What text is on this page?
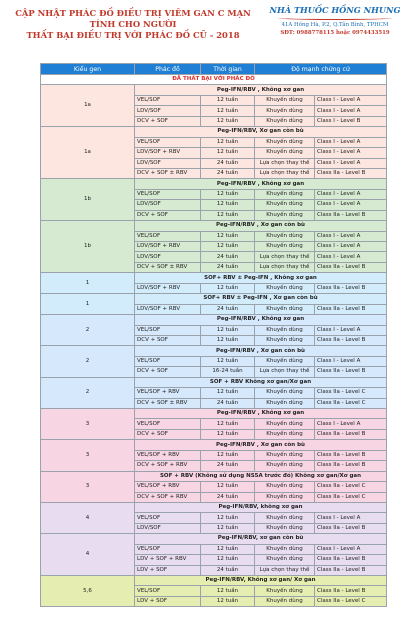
CẬP NHẬT PHÁC ĐỒ ĐIỀU TRỊ VIÊM GAN C MẠN TÍNH CHO NGƯỜI
THẤT BẠI ĐIỀU TRỊ VỚI PHÁC ĐỒ CŨ - 2018
NHÀ THUỐC HỒNG NHUNG
41A Hồng Hà, P.2, Q.Tân Bình, TPHCM
SĐT: 0988778115 hoặc 0974433519
Kiểu gen	Phác đồ	Thời gian	Độ mạnh chứng cứ	
ĐÃ THẤT BẠI VỚI PHÁC ĐỒ				
1a	Peg-IFN/RBV , Không xơ gan			
	VEL/SOF	12 tuần	Khuyến dùng	Class I - Level A
	LDV/SOF	12 tuần	Khuyến dùng	Class I - Level A
	DCV + SOF	12 tuần	Khuyến dùng	Class I - Level B
1a	Peg-IFN/RBV, Xơ gan còn bù			
	VEL/SOF	12 tuần	Khuyến dùng	Class I - Level A
	LDV/SOF + RBV	12 tuần	Khuyến dùng	Class I - Level A
	LDV/SOF	24 tuần	Lựa chọn thay thế	Class I - Level A
	DCV + SOF ± RBV	24 tuần	Lựa chọn thay thế	Class IIa - Level B
1b	Peg-IFN/RBV , Không xơ gan			
	VEL/SOF	12 tuần	Khuyến dùng	Class I - Level A
	LDV/SOF	12 tuần	Khuyến dùng	Class I - Level A
	DCV + SOF	12 tuần	Khuyến dùng	Class IIa - Level B
1b	Peg-IFN/RBV , Xơ gan còn bù			
	VEL/SOF	12 tuần	Khuyến dùng	Class I - Level A
	LDV/SOF + RBV	12 tuần	Khuyến dùng	Class I - Level A
	LDV/SOF	24 tuần	Lựa chọn thay thế	Class I - Level A
	DCV + SOF ± RBV	24 tuần	Lựa chọn thay thế	Class IIa - Level B
1	SOF+ RBV ± Peg-IFN , Không xơ gan			
	LDV/SOF + RBV	12 tuần	Khuyến dùng	Class IIa - Level B
1	SOF+ RBV ± Peg-IFN , Xơ gan còn bù			
	LDV/SOF + RBV	24 tuần	Khuyến dùng	Class IIa - Level B
2	Peg-IFN/RBV , Không xơ gan			
	VEL/SOF	12 tuần	Khuyến dùng	Class I - Level A
	DCV + SOF	12 tuần	Khuyến dùng	Class IIa - Level B
2	Peg-IFN/RBV , Xơ gan còn bù			
	VEL/SOF	12 tuần	Khuyến dùng	Class I - Level A
	DCV + SOF	16-24 tuần	Lựa chọn thay thế	Class IIa - Level B
2	SOF + RBV Không xơ gan/Xơ gan			
	VEL/SOF + RBV	12 tuần	Khuyến dùng	Class IIa - Level C
	DCV + SOF ± RBV	24 tuần	Khuyến dùng	Class IIa - Level C
3	Peg-IFN/RBV , Không xơ gan			
	VEL/SOF	12 tuần	Khuyến dùng	Class I - Level A
	DCV + SOF	12 tuần	Khuyến dùng	Class IIa - Level B
3	Peg-IFN/RBV , Xơ gan còn bù			
	VEL/SOF + RBV	12 tuần	Khuyến dùng	Class IIa - Level B
	DCV + SOF + RBV	24 tuần	Khuyến dùng	Class IIa - Level B
3	SOF + RBV (Không sử dụng NS5A trước đó) Không xơ gan/Xơ gan			
	VEL/SOF + RBV	12 tuần	Khuyến dùng	Class IIa - Level C
	DCV + SOF + RBV	24 tuần	Khuyến dùng	Class IIa - Level C
4	Peg-IFN/RBV, không xơ gan			
	VEL/SOF	12 tuần	Khuyến dùng	Class I - Level A
	LDV/SOF	12 tuần	Khuyến dùng	Class IIa - Level B
4	Peg-IFN/RBV, xơ gan còn bù			
	VEL/SOF	12 tuần	Khuyến dùng	Class I - Level A
	LDV + SOF + RBV	12 tuần	Khuyến dùng	Class IIa - Level B
	LDV + SOF	24 tuần	Lựa chọn thay thế	Class IIa - Level B
5,6	Peg-IFN/RBV, Không xơ gan/ Xơ gan			
	VEL/SOF	12 tuần	Khuyến dùng	Class IIa - Level B
	LDV + SOF	12 tuần	Khuyến dùng	Class IIa - Level C
